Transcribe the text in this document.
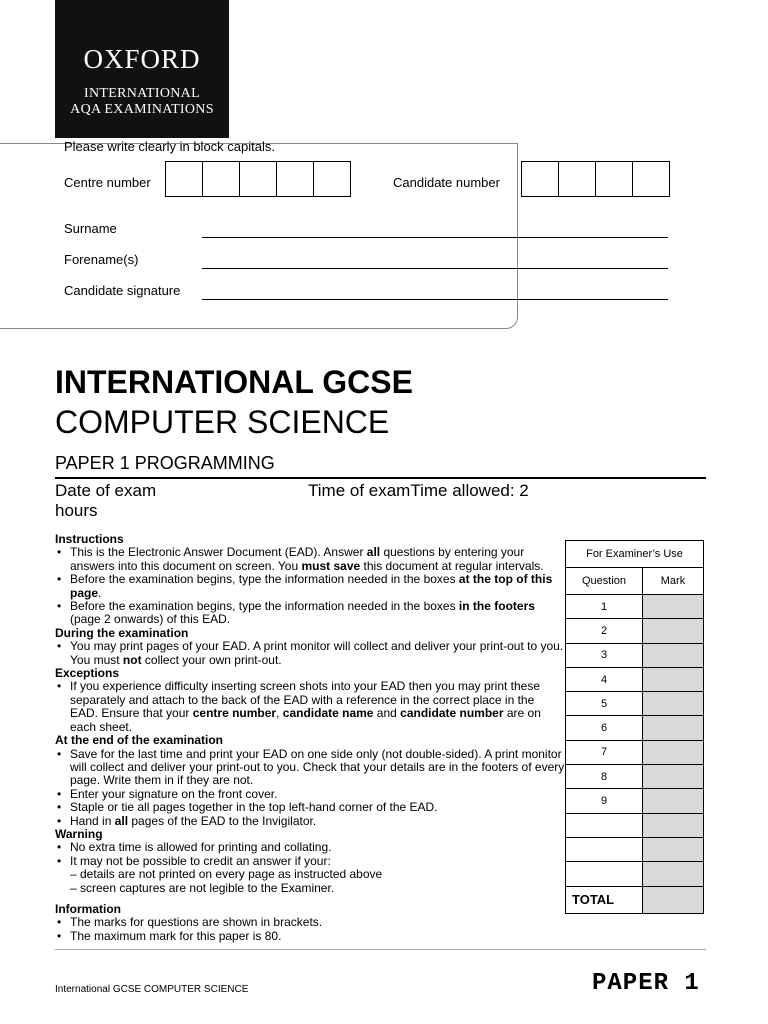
OXFORD
INTERNATIONAL
AQA EXAMINATIONS
Please write clearly in block capitals.
Centre number	Candidate number
Surname
Forename(s)
Candidate signature
INTERNATIONAL GCSE
COMPUTER SCIENCE
PAPER 1 PROGRAMMING
Date of exam	Time of examTime allowed: 2
hours
Instructions
• This is the Electronic Answer Document (EAD). Answer all questions by entering your answers into this document on screen. You must save this document at regular intervals.
• Before the examination begins, type the information needed in the boxes at the top of this page.
• Before the examination begins, type the information needed in the boxes in the footers (page 2 onwards) of this EAD.
During the examination
• You may print pages of your EAD. A print monitor will collect and deliver your print-out to you. You must not collect your own print-out.
Exceptions
• If you experience difficulty inserting screen shots into your EAD then you may print these separately and attach to the back of the EAD with a reference in the correct place in the EAD. Ensure that your centre number, candidate name and candidate number are on each sheet.
At the end of the examination
• Save for the last time and print your EAD on one side only (not double-sided). A print monitor will collect and deliver your print-out to you. Check that your details are in the footers of every page. Write them in if they are not.
• Enter your signature on the front cover.
• Staple or tie all pages together in the top left-hand corner of the EAD.
• Hand in all pages of the EAD to the Invigilator.
Warning
• No extra time is allowed for printing and collating.
• It may not be possible to credit an answer if your:
– details are not printed on every page as instructed above
– screen captures are not legible to the Examiner.
Information
• The marks for questions are shown in brackets.
• The maximum mark for this paper is 80.
For Examiner’s Use	
Question	Mark
1	
2	
3	
4	
5	
6	
7	
8	
9	

TOTAL	
International GCSE COMPUTER SCIENCE	PAPER 1
